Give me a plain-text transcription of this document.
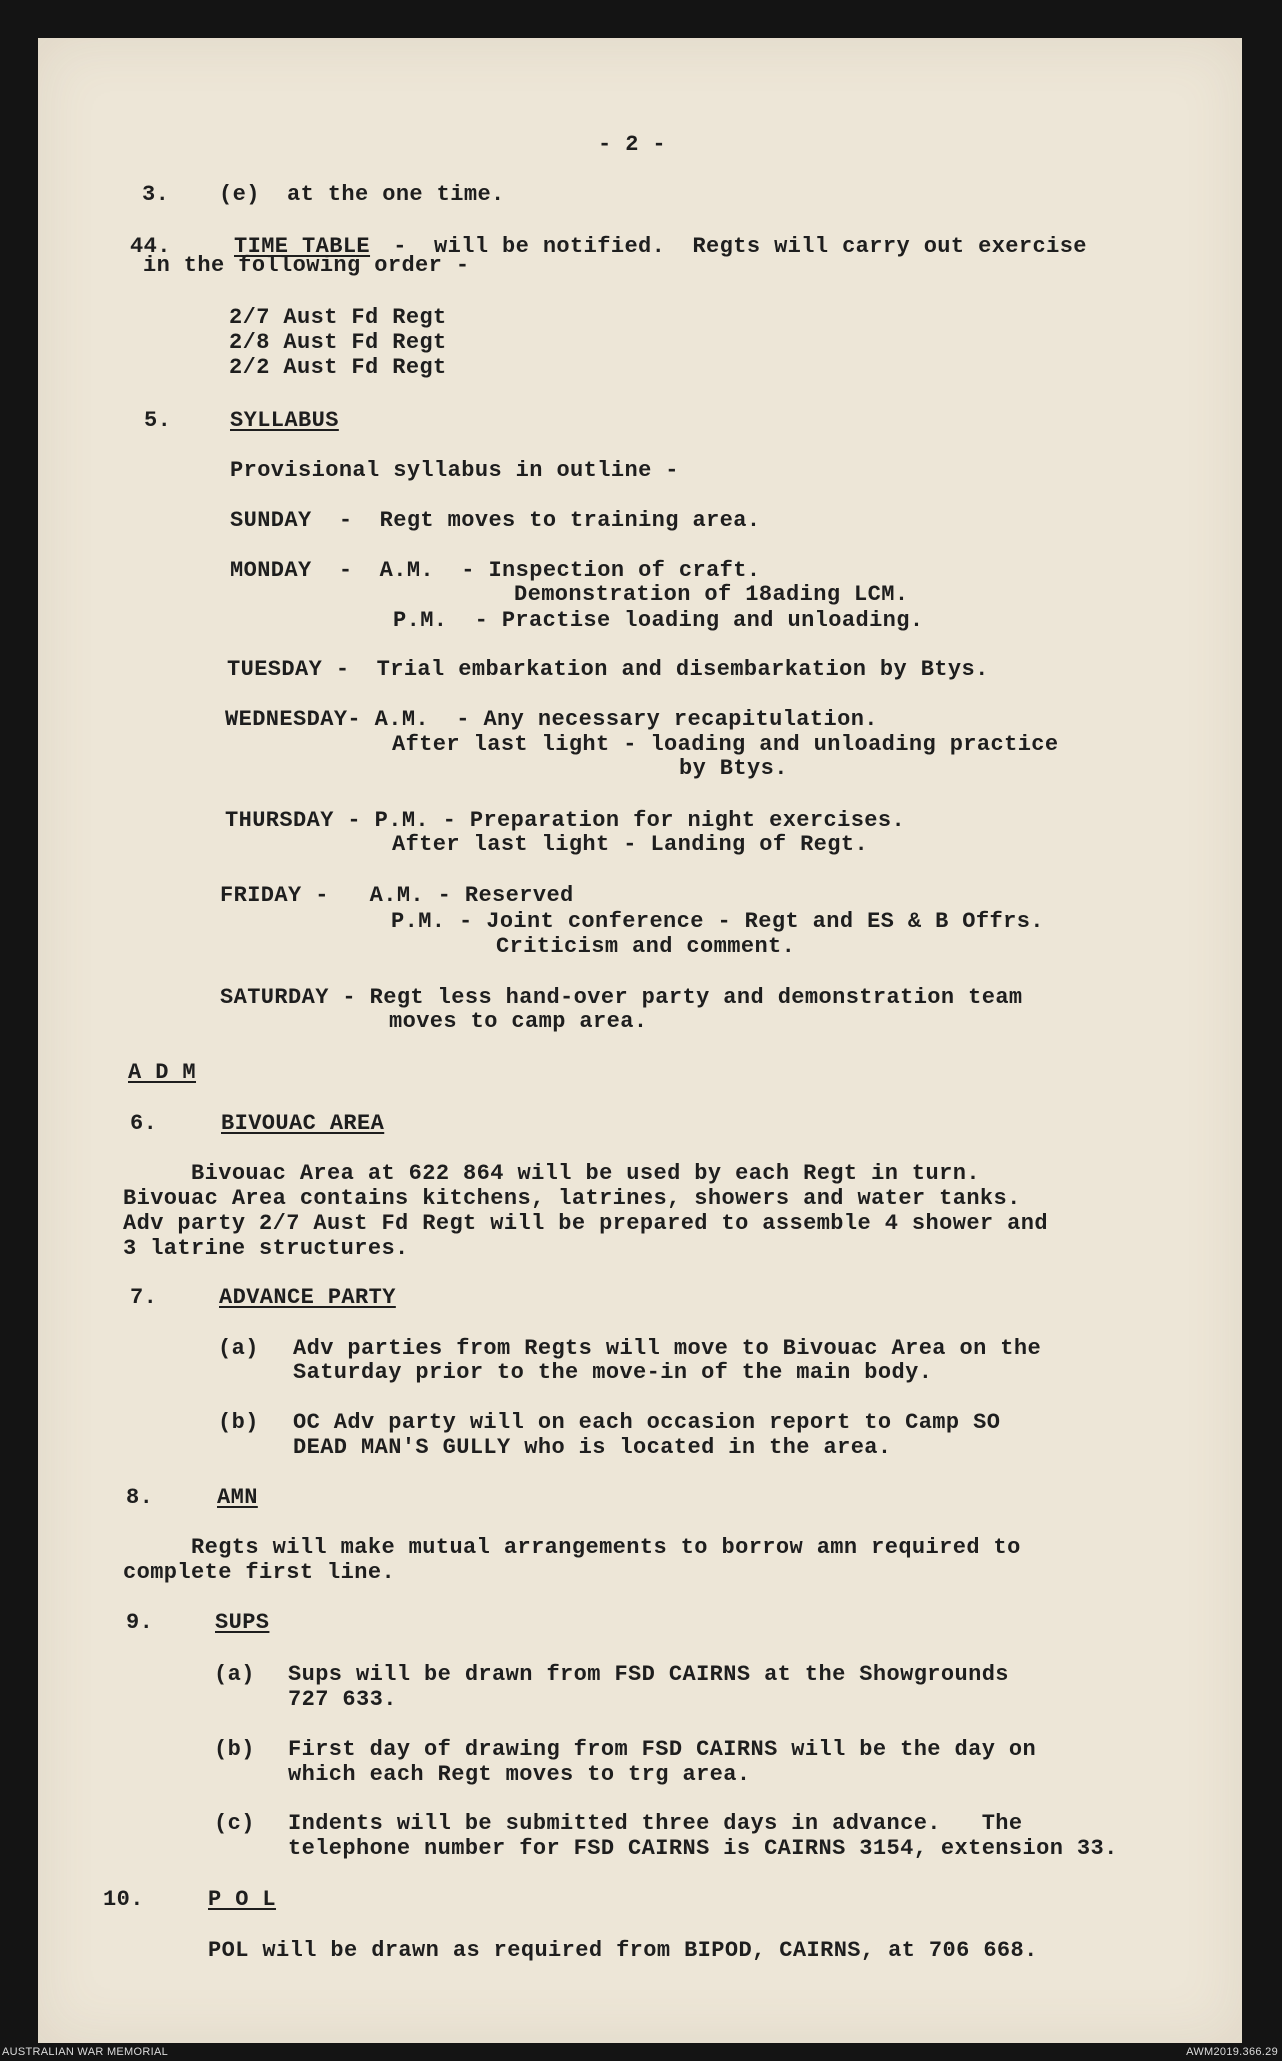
- 2 -
3. (e)  at the one time.
44.	TIME TABLE
-  will be notified.  Regts will carry out exercise
in the following order -
2/7 Aust Fd Regt
2/8 Aust Fd Regt
2/2 Aust Fd Regt
5.	SYLLABUS
Provisional syllabus in outline -
SUNDAY  -  Regt moves to training area.
MONDAY  -  A.M.  - Inspection of craft.
Demonstration of 18ading LCM.
P.M.  - Practise loading and unloading.
TUESDAY -  Trial embarkation and disembarkation by Btys.
WEDNESDAY- A.M.  - Any necessary recapitulation.
After last light - loading and unloading practice
by Btys.
THURSDAY - P.M. - Preparation for night exercises.
After last light - Landing of Regt.
FRIDAY -   A.M. - Reserved
P.M. - Joint conference - Regt and ES & B Offrs.
Criticism and comment.
SATURDAY - Regt less hand-over party and demonstration team
moves to camp area.
A D M
6.	BIVOUAC AREA
Bivouac Area at 622 864 will be used by each Regt in turn.
Bivouac Area contains kitchens, latrines, showers and water tanks.
Adv party 2/7 Aust Fd Regt will be prepared to assemble 4 shower and
3 latrine structures.
7.	ADVANCE PARTY
(a) Adv parties from Regts will move to Bivouac Area on the
Saturday prior to the move-in of the main body.
(b) OC Adv party will on each occasion report to Camp SO
DEAD MAN'S GULLY who is located in the area.
8.	AMN
Regts will make mutual arrangements to borrow amn required to
complete first line.
9.	SUPS
(a) Sups will be drawn from FSD CAIRNS at the Showgrounds
727 633.
(b) First day of drawing from FSD CAIRNS will be the day on
which each Regt moves to trg area.
(c) Indents will be submitted three days in advance.   The
telephone number for FSD CAIRNS is CAIRNS 3154, extension 33.
10.	P O L
POL will be drawn as required from BIPOD, CAIRNS, at 706 668.
AUSTRALIAN WAR MEMORIAL	AWM2019.366.29
